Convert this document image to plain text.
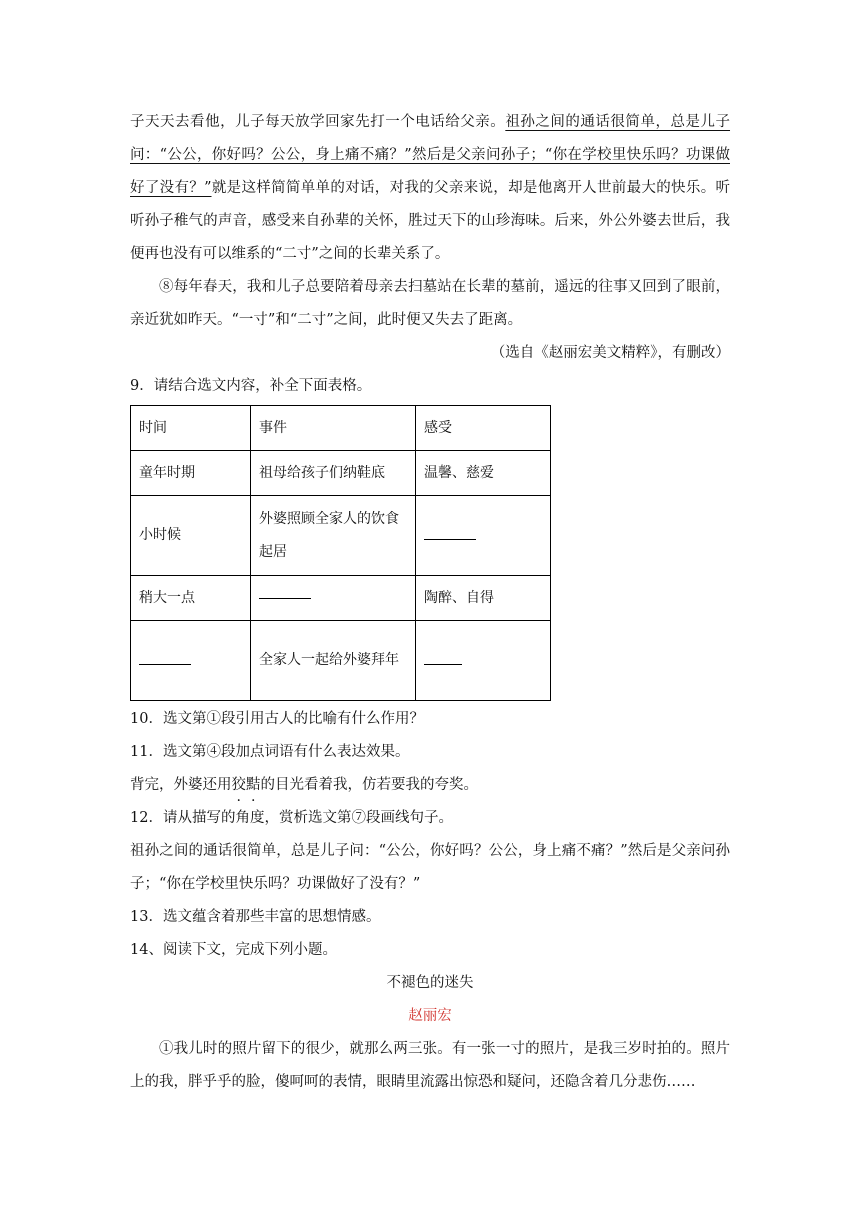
子天天去看他，儿子每天放学回家先打一个电话给父亲。祖孙之间的通话很简单，总是儿子问：“公公，你好吗？公公，身上痛不痛？”然后是父亲问孙子；“你在学校里快乐吗？功课做好了没有？”就是这样简简单单的对话，对我的父亲来说，却是他离开人世前最大的快乐。听听孙子稚气的声音，感受来自孙辈的关怀，胜过天下的山珍海味。后来，外公外婆去世后，我便再也没有可以维系的“二寸”之间的长辈关系了。

⑧每年春天，我和儿子总要陪着母亲去扫墓站在长辈的墓前，遥远的往事又回到了眼前，亲近犹如昨天。“一寸”和“二寸”之间，此时便又失去了距离。

（选自《赵丽宏美文精粹》，有删改）

9．请结合选文内容，补全下面表格。

时间	事件	感受
童年时期	祖母给孩子们纳鞋底	温馨、慈爱
小时候	外婆照顾全家人的饮食起居	
稍大一点		陶醉、自得
	全家人一起给外婆拜年	

10．选文第①段引用古人的比喻有什么作用？

11．选文第④段加点词语有什么表达效果。

背完，外婆还用狡黠的目光看着我，仿若要我的夸奖。

12．请从描写的角度，赏析选文第⑦段画线句子。

祖孙之间的通话很简单，总是儿子问：“公公，你好吗？公公，身上痛不痛？”然后是父亲问孙子；“你在学校里快乐吗？功课做好了没有？”

13．选文蕴含着那些丰富的思想情感。

14、阅读下文，完成下列小题。

不褪色的迷失

赵丽宏

①我儿时的照片留下的很少，就那么两三张。有一张一寸的照片，是我三岁时拍的。照片上的我，胖乎乎的脸，傻呵呵的表情，眼睛里流露出惊恐和疑问，还隐含着几分悲伤……
